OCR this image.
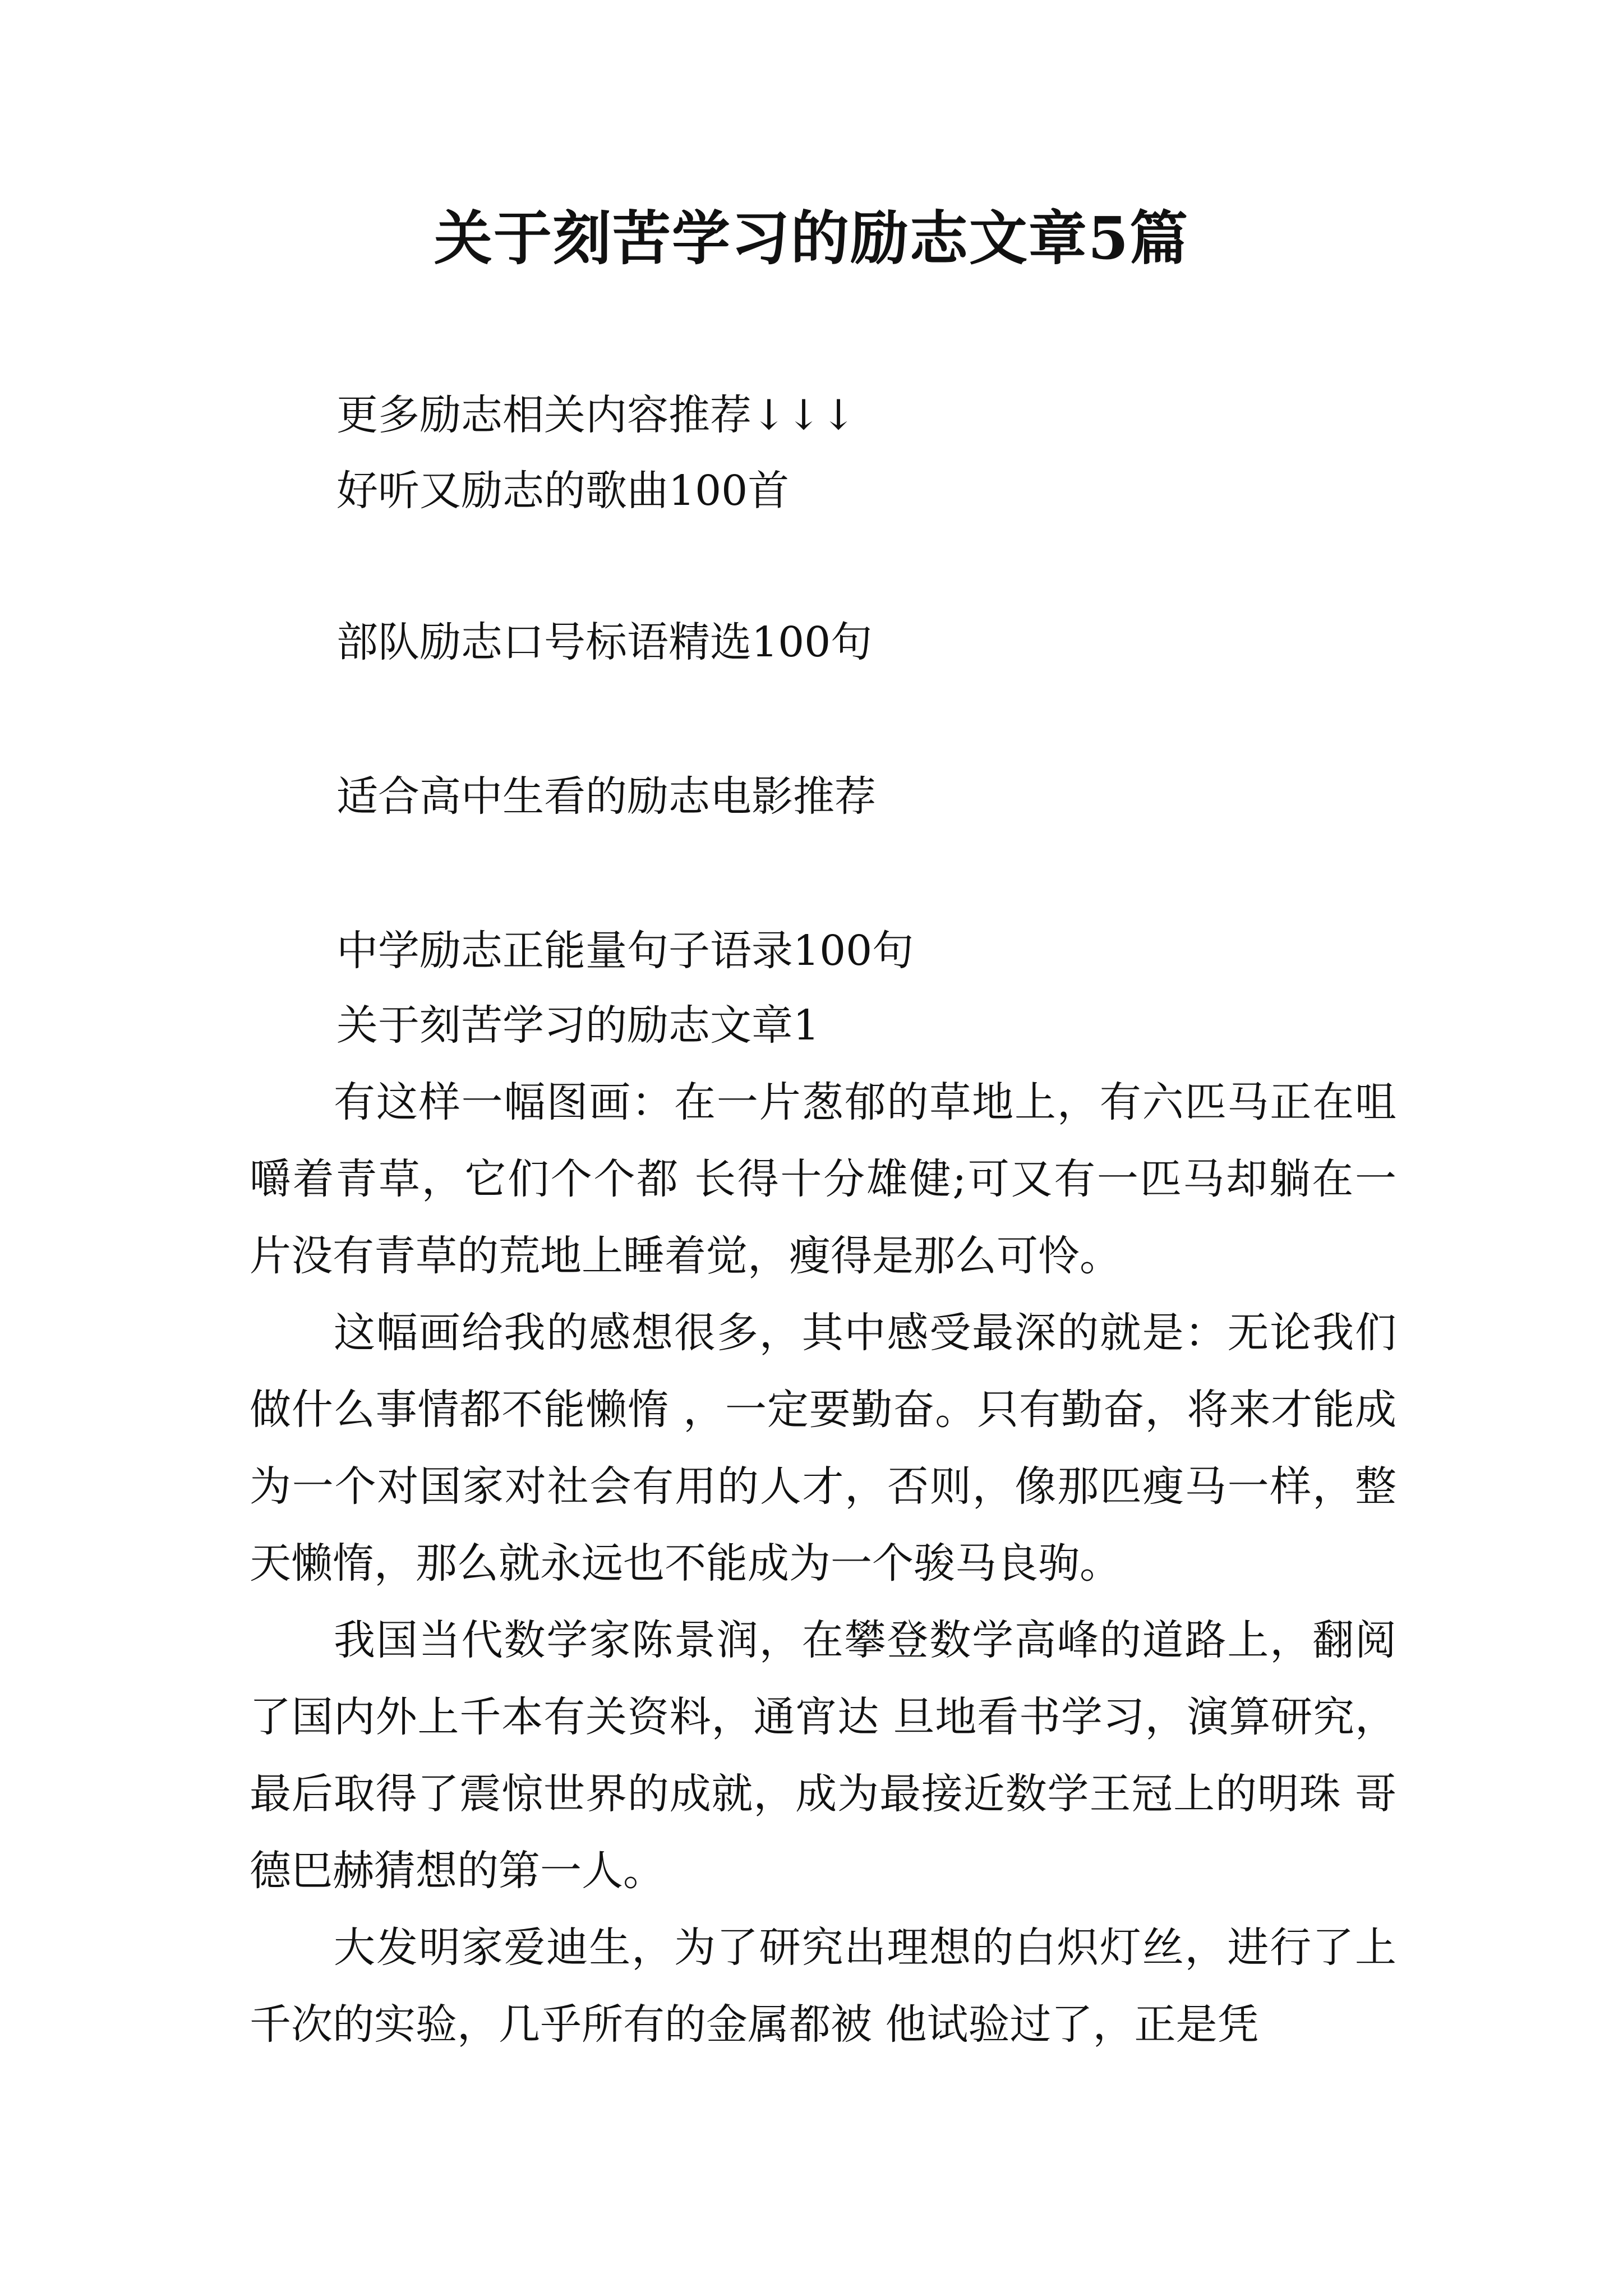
关于刻苦学习的励志文章5篇
更多励志相关内容推荐↓↓↓
好听又励志的歌曲100首
部队励志口号标语精选100句
适合高中生看的励志电影推荐
中学励志正能量句子语录100句
关于刻苦学习的励志文章1

有这样一幅图画：在一片葱郁的草地上，有六匹马正在咀嚼着青草，它们个个都 长得十分雄健;可又有一匹马却躺在一片没有青草的荒地上睡着觉，瘦得是那么可怜。

这幅画给我的感想很多，其中感受最深的就是：无论我们做什么事情都不能懒惰 ，一定要勤奋。只有勤奋，将来才能成为一个对国家对社会有用的人才，否则，像那匹瘦马一样，整天懒惰，那么就永远也不能成为一个骏马良驹。

我国当代数学家陈景润，在攀登数学高峰的道路上，翻阅了国内外上千本有关资料，通宵达 旦地看书学习，演算研究，最后取得了震惊世界的成就，成为最接近数学王冠上的明珠 哥德巴赫猜想的第一人。

大发明家爱迪生，为了研究出理想的白炽灯丝，进行了上千次的实验，几乎所有的金属都被 他试验过了，正是凭
